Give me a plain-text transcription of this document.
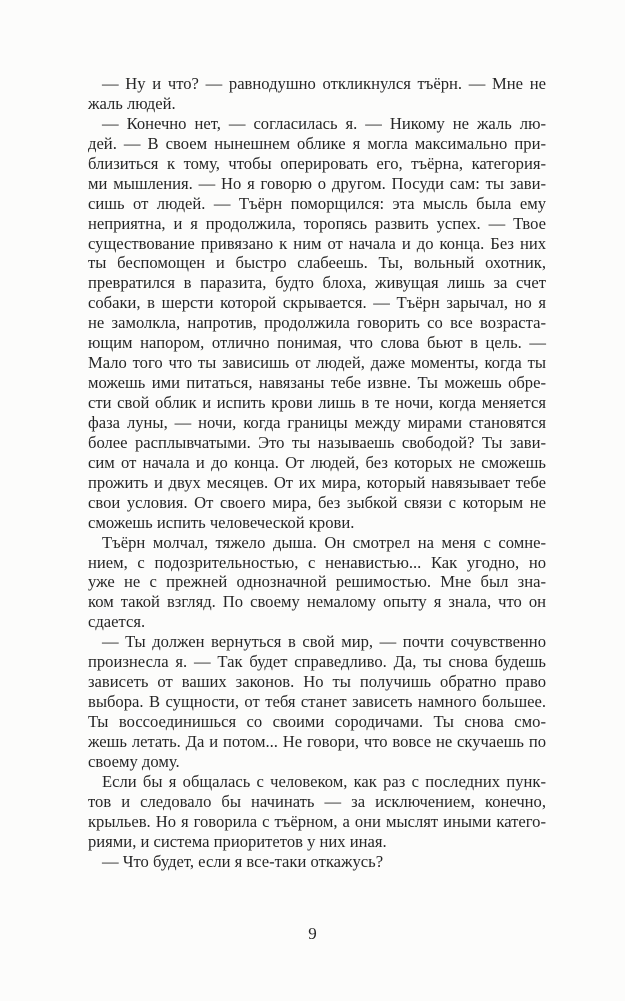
— Ну и что? — равнодушно откликнулся тъёрн. — Мне не
жаль людей.
— Конечно нет, — согласилась я. — Никому не жаль лю-
дей. — В своем нынешнем облике я могла максимально при-
близиться к тому, чтобы оперировать его, тъёрна, категория-
ми мышления. — Но я говорю о другом. Посуди сам: ты зави-
сишь от людей. — Тъёрн поморщился: эта мысль была ему
неприятна, и я продолжила, торопясь развить успех. — Твое
существование привязано к ним от начала и до конца. Без них
ты беспомощен и быстро слабеешь. Ты, вольный охотник,
превратился в паразита, будто блоха, живущая лишь за счет
собаки, в шерсти которой скрывается. — Тъёрн зарычал, но я
не замолкла, напротив, продолжила говорить со все возраста-
ющим напором, отлично понимая, что слова бьют в цель. —
Мало того что ты зависишь от людей, даже моменты, когда ты
можешь ими питаться, навязаны тебе извне. Ты можешь обре-
сти свой облик и испить крови лишь в те ночи, когда меняется
фаза луны, — ночи, когда границы между мирами становятся
более расплывчатыми. Это ты называешь свободой? Ты зави-
сим от начала и до конца. От людей, без которых не сможешь
прожить и двух месяцев. От их мира, который навязывает тебе
свои условия. От своего мира, без зыбкой связи с которым не
сможешь испить человеческой крови.
Тъёрн молчал, тяжело дыша. Он смотрел на меня с сомне-
нием, с подозрительностью, с ненавистью... Как угодно, но
уже не с прежней однозначной решимостью. Мне был зна-
ком такой взгляд. По своему немалому опыту я знала, что он
сдается.
— Ты должен вернуться в свой мир, — почти сочувственно
произнесла я. — Так будет справедливо. Да, ты снова будешь
зависеть от ваших законов. Но ты получишь обратно право
выбора. В сущности, от тебя станет зависеть намного большее.
Ты воссоединишься со своими сородичами. Ты снова смо-
жешь летать. Да и потом... Не говори, что вовсе не скучаешь по
своему дому.
Если бы я общалась с человеком, как раз с последних пунк-
тов и следовало бы начинать — за исключением, конечно,
крыльев. Но я говорила с тъёрном, а они мыслят иными катего-
риями, и система приоритетов у них иная.
— Что будет, если я все-таки откажусь?
9
